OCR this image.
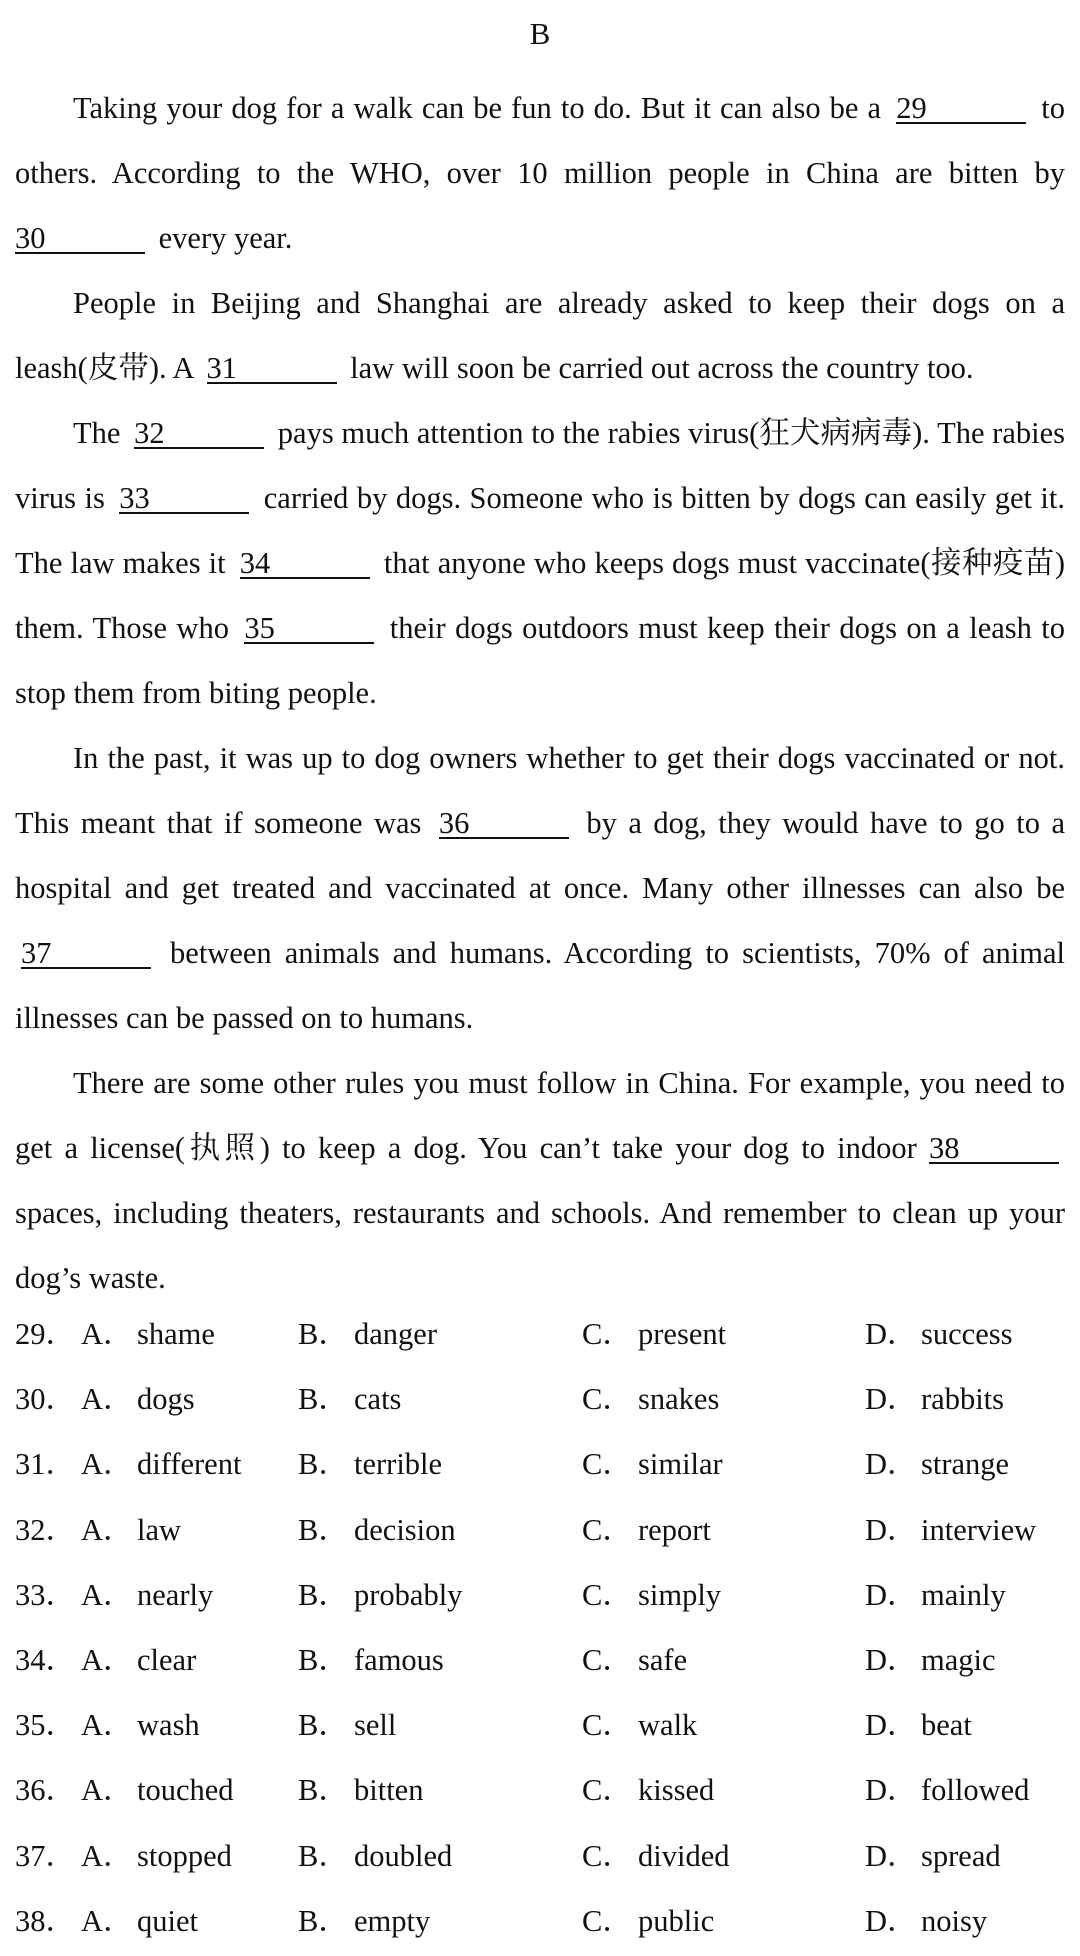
B

Taking your dog for a walk can be fun to do. But it can also be a 29	to others. According to the WHO, over 10 million people in China are bitten by 30	every year.

People in Beijing and Shanghai are already asked to keep their dogs on a leash(皮带). A 31	law will soon be carried out across the country too.

The 32	pays much attention to the rabies virus(狂犬病病毒). The rabies virus is 33	carried by dogs. Someone who is bitten by dogs can easily get it. The law makes it 34	that anyone who keeps dogs must vaccinate(接种疫苗) them. Those who 35	their dogs outdoors must keep their dogs on a leash to stop them from biting people.

In the past, it was up to dog owners whether to get their dogs vaccinated or not. This meant that if someone was 36	by a dog, they would have to go to a hospital and get treated and vaccinated at once. Many other illnesses can also be 37	between animals and humans. According to scientists, 70% of animal illnesses can be passed on to humans.

There are some other rules you must follow in China. For example, you need to get a license(执照) to keep a dog. You can’t take your dog to indoor 38 spaces, including theaters, restaurants and schools. And remember to clean up your dog’s waste.

29． A． shame	B． danger	C． present	D． success
30． A． dogs	B． cats	C． snakes	D． rabbits
31． A． different B． terrible	C． similar	D． strange
32． A． law	B． decision	C． report	D． interview
33． A． nearly	B． probably	C． simply	D． mainly
34． A． clear	B． famous	C． safe	D． magic
35． A． wash	B． sell	C． walk	D． beat
36． A． touched B． bitten	C． kissed	D． followed
37． A． stopped B． doubled	C． divided	D． spread
38． A． quiet	B． empty	C． public	D． noisy
